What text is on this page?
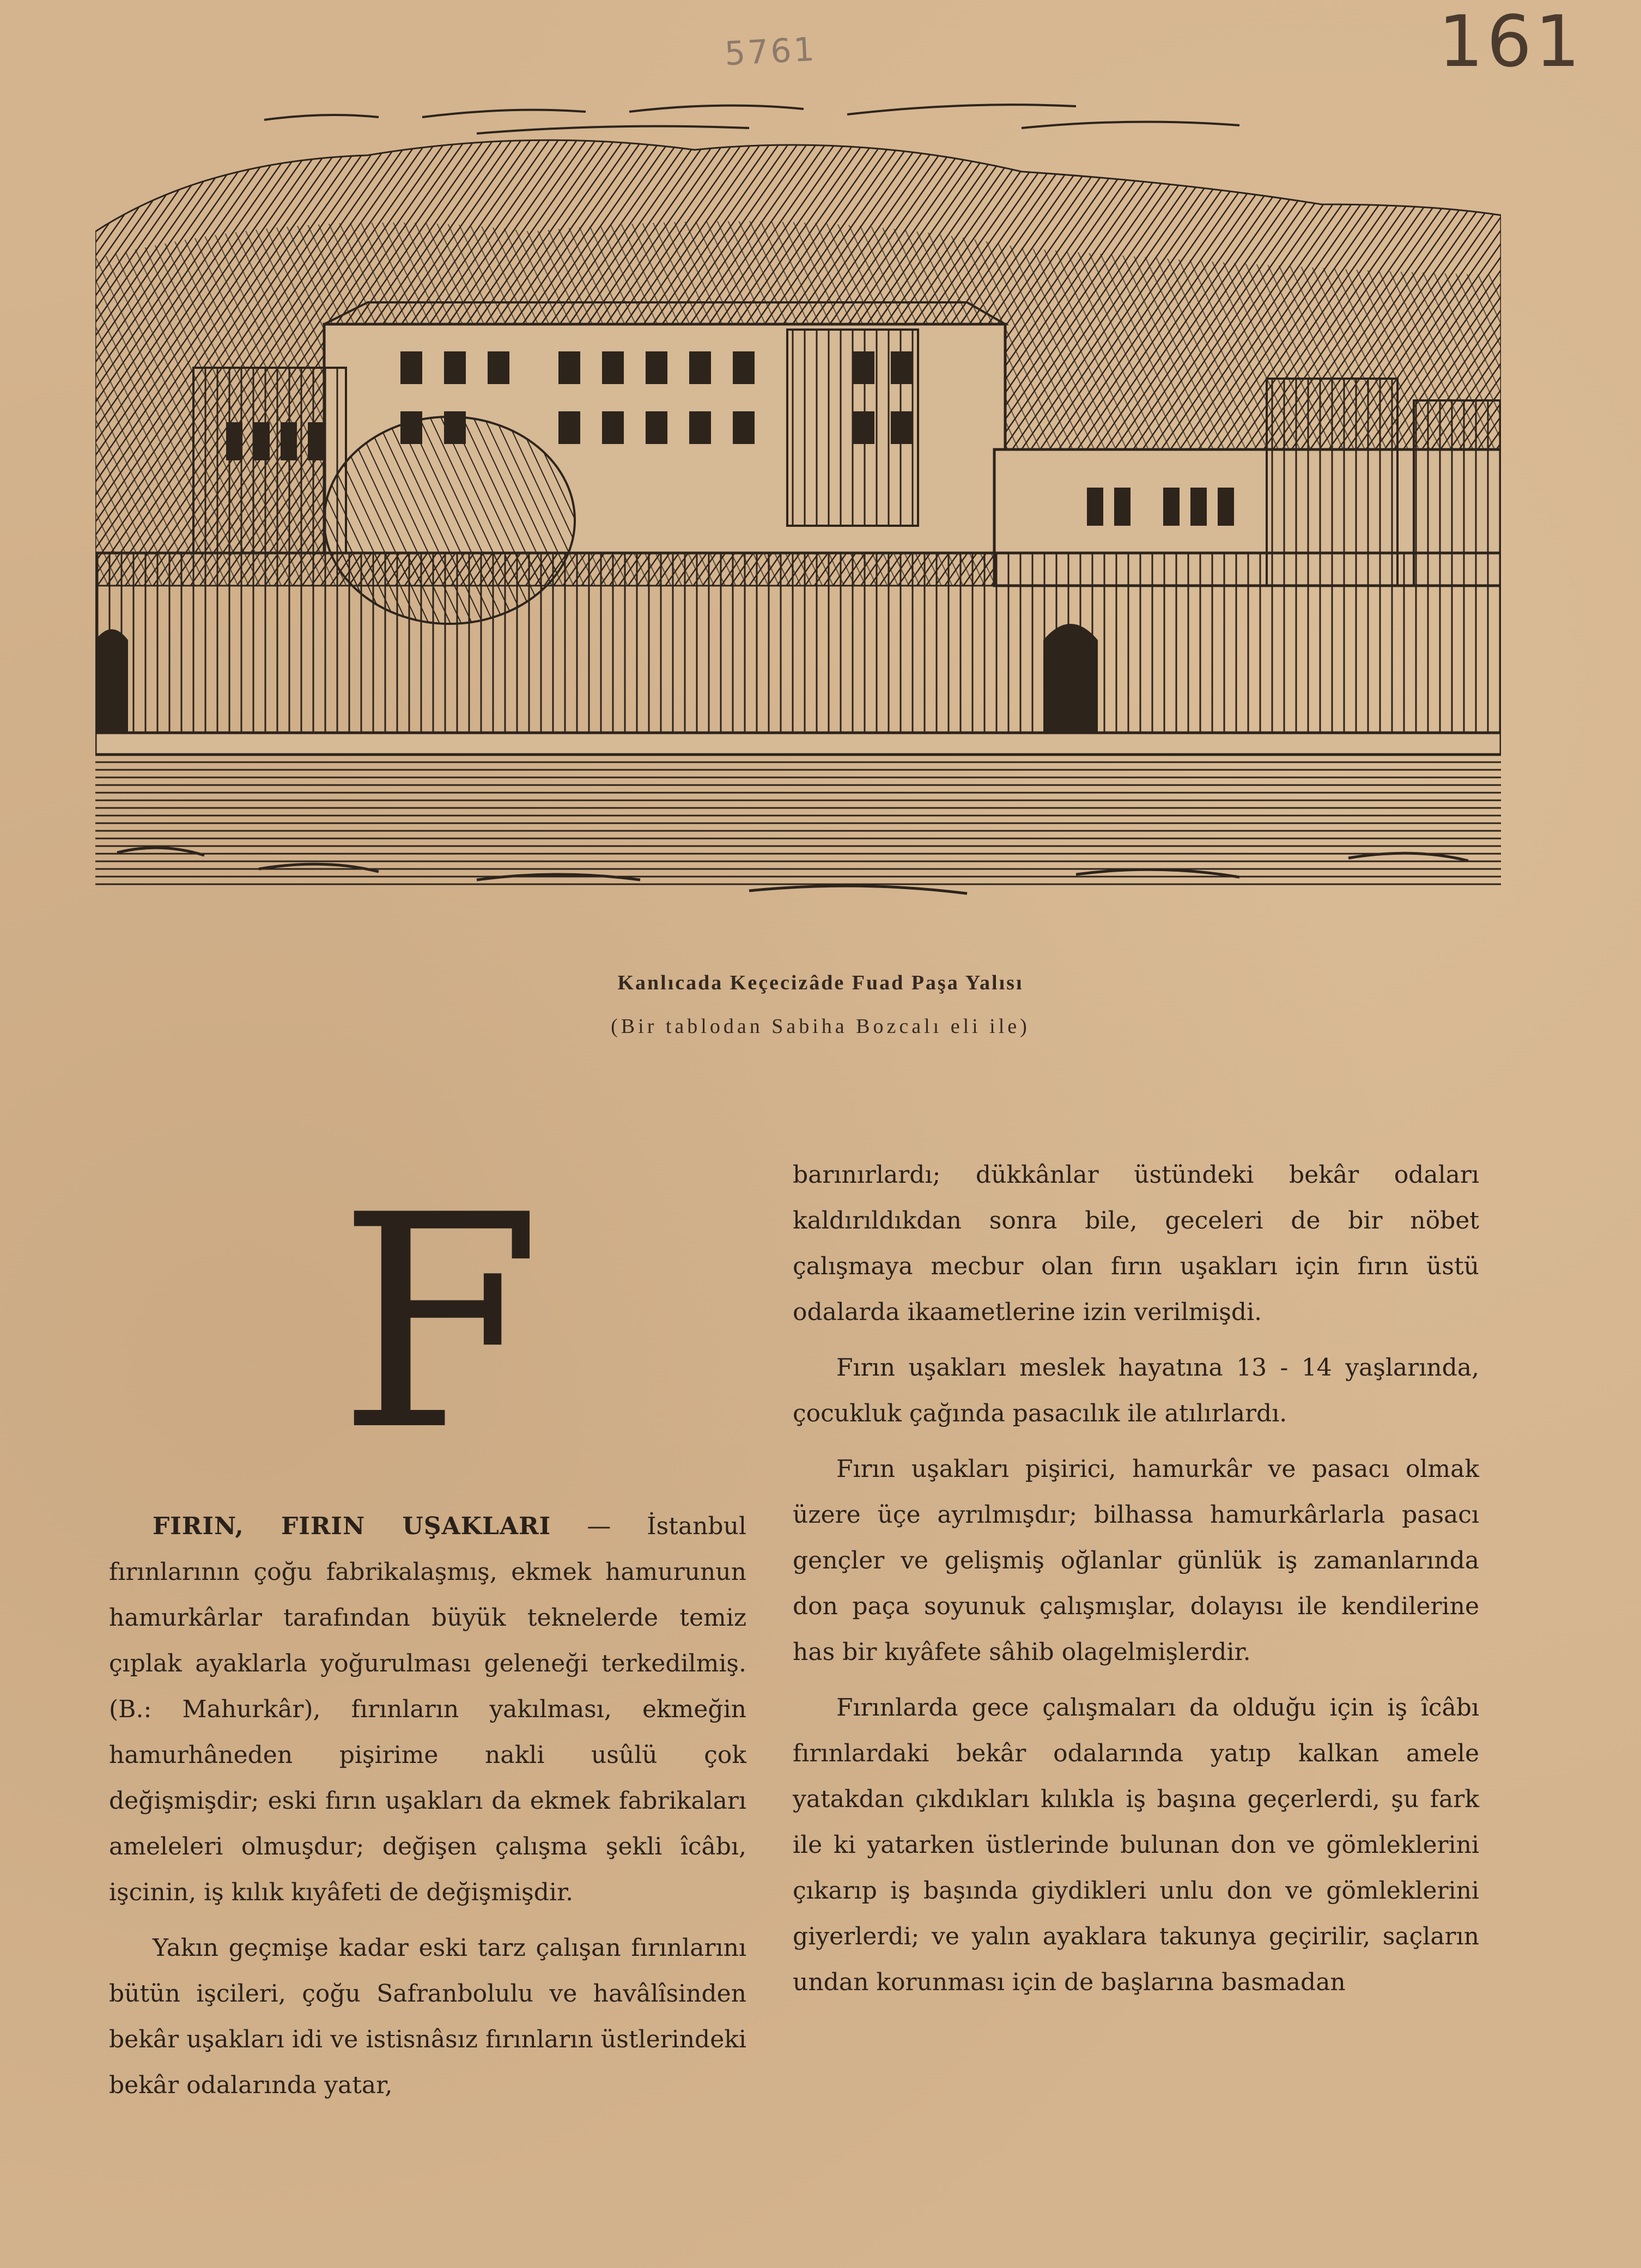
161
5761
Kanlıcada Keçecizâde Fuad Paşa Yalısı
(Bir tablodan Sabiha Bozcalı eli ile)
F

FIRIN, FIRIN UŞAKLARI — İstanbul fırınlarının çoğu fabrikalaşmış, ekmek hamurunun hamurkârlar tarafından büyük teknelerde temiz çıplak ayaklarla yoğurulması geleneği terkedilmiş. (B.: Mahurkâr), fırınların yakılması, ekmeğin hamurhâneden pişirime nakli usûlü çok değişmişdir; eski fırın uşakları da ekmek fabrikaları ameleleri olmuşdur; değişen çalışma şekli îcâbı, işcinin, iş kılık kıyâfeti de değişmişdir.

Yakın geçmişe kadar eski tarz çalışan fırınlarını bütün işcileri, çoğu Safranbolulu ve havâlîsinden bekâr uşakları idi ve istisnâsız fırınların üstlerindeki bekâr odalarında yatar,

barınırlardı; dükkânlar üstündeki bekâr odaları kaldırıldıkdan sonra bile, geceleri de bir nöbet çalışmaya mecbur olan fırın uşakları için fırın üstü odalarda ikaametlerine izin verilmişdi.

Fırın uşakları meslek hayatına 13 - 14 yaşlarında, çocukluk çağında pasacılık ile atılırlardı.

Fırın uşakları pişirici, hamurkâr ve pasacı olmak üzere üçe ayrılmışdır; bilhassa hamurkârlarla pasacı gençler ve gelişmiş oğlanlar günlük iş zamanlarında don paça soyunuk çalışmışlar, dolayısı ile kendilerine has bir kıyâfete sâhib olagelmişlerdir.

Fırınlarda gece çalışmaları da olduğu için iş îcâbı fırınlardaki bekâr odalarında yatıp kalkan amele yatakdan çıkdıkları kılıkla iş başına geçerlerdi, şu fark ile ki yatarken üstlerinde bulunan don ve gömleklerini çıkarıp iş başında giydikleri unlu don ve gömleklerini giyerlerdi; ve yalın ayaklara takunya geçirilir, saçların undan korunması için de başlarına basmadan
